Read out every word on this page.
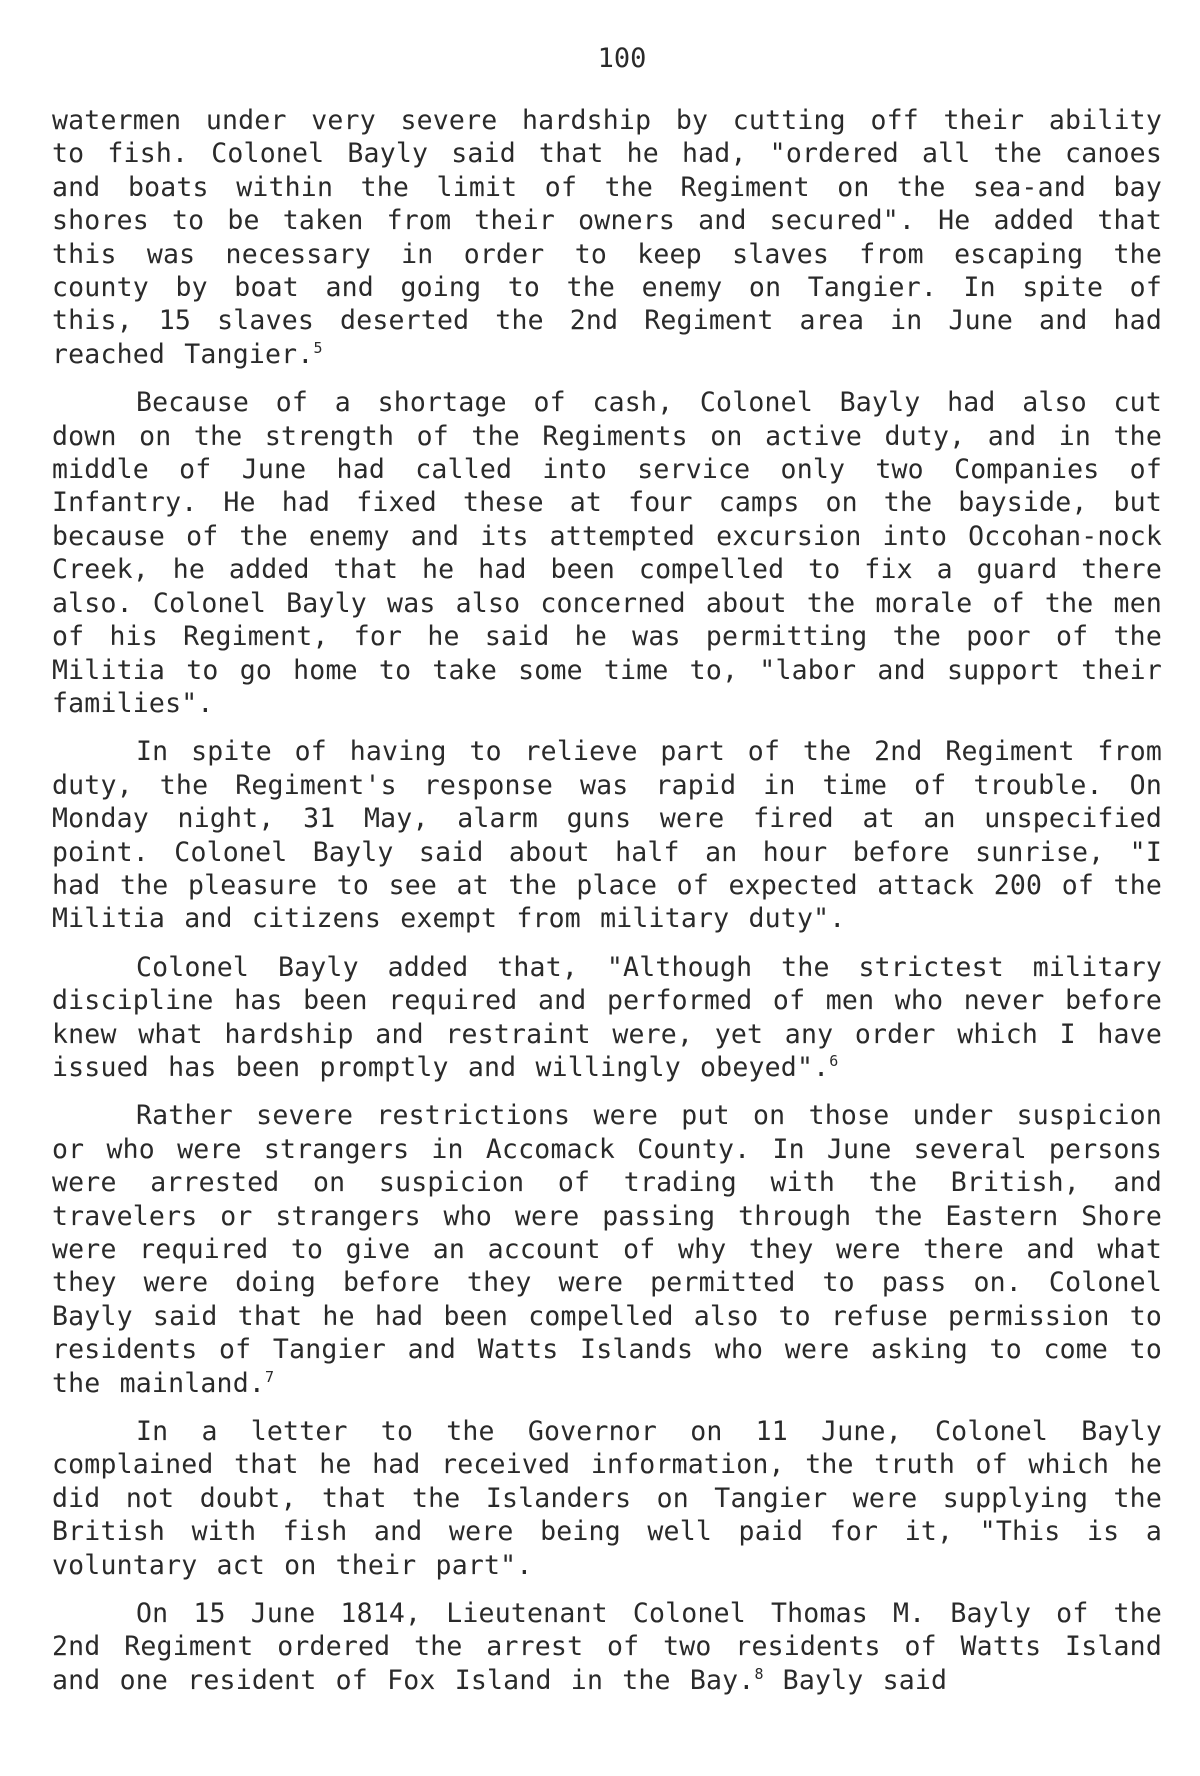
100

watermen under very severe hardship by cutting off their ability to fish. Colonel Bayly said that he had, "ordered all the canoes and boats within the limit of the Regiment on the sea-and bay shores to be taken from their owners and secured". He added that this was necessary in order to keep slaves from escaping the county by boat and going to the enemy on Tangier. In spite of this, 15 slaves deserted the 2nd Regiment area in June and had reached Tangier.$^5$

Because of a shortage of cash, Colonel Bayly had also cut down on the strength of the Regiments on active duty, and in the middle of June had called into service only two Companies of Infantry. He had fixed these at four camps on the bayside, but because of the enemy and its attempted excursion into Occohan-nock Creek, he added that he had been compelled to fix a guard there also. Colonel Bayly was also concerned about the morale of the men of his Regiment, for he said he was permitting the poor of the Militia to go home to take some time to, "labor and support their families".

In spite of having to relieve part of the 2nd Regiment from duty, the Regiment's response was rapid in time of trouble. On Monday night, 31 May, alarm guns were fired at an unspecified point. Colonel Bayly said about half an hour before sunrise, "I had the pleasure to see at the place of expected attack 200 of the Militia and citizens exempt from military duty".

Colonel Bayly added that, "Although the strictest military discipline has been required and performed of men who never before knew what hardship and restraint were, yet any order which I have issued has been promptly and willingly obeyed".$^6$

Rather severe restrictions were put on those under suspicion or who were strangers in Accomack County. In June several persons were arrested on suspicion of trading with the British, and travelers or strangers who were passing through the Eastern Shore were required to give an account of why they were there and what they were doing before they were permitted to pass on. Colonel Bayly said that he had been compelled also to refuse permission to residents of Tangier and Watts Islands who were asking to come to the mainland.$^7$

In a letter to the Governor on 11 June, Colonel Bayly complained that he had received information, the truth of which he did not doubt, that the Islanders on Tangier were supplying the British with fish and were being well paid for it, "This is a voluntary act on their part".

On 15 June 1814, Lieutenant Colonel Thomas M. Bayly of the 2nd Regiment ordered the arrest of two residents of Watts Island and one resident of Fox Island in the Bay.$^8$ Bayly said
